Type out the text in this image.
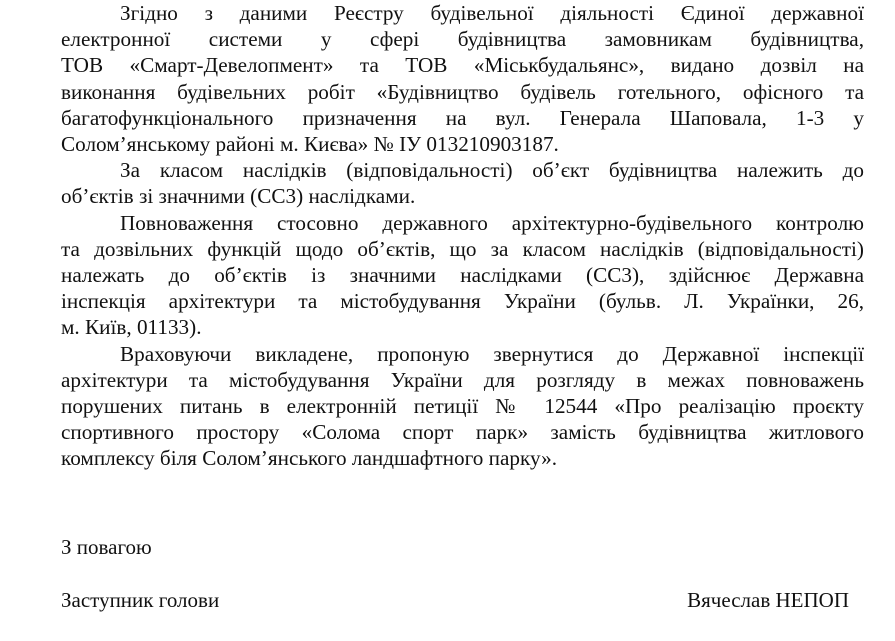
Згідно з даними Реєстру будівельної діяльності Єдиної державної
електронної системи у сфері будівництва замовникам будівництва,
ТОВ «Смарт-Девелопмент» та ТОВ «Міськбудальянс», видано дозвіл на
виконання будівельних робіт «Будівництво будівель готельного, офісного та
багатофункціонального призначення на вул. Генерала Шаповала, 1-3 у
Солом’янському районі м. Києва» № ІУ 013210903187.
За класом наслідків (відповідальності) об’єкт будівництва належить до
об’єктів зі значними (СС3) наслідками.
Повноваження стосовно державного архітектурно-будівельного контролю
та дозвільних функцій щодо об’єктів, що за класом наслідків (відповідальності)
належать до об’єктів із значними наслідками (СС3), здійснює Державна
інспекція архітектури та містобудування України (бульв. Л. Українки, 26,
м. Київ, 01133).
Враховуючи викладене, пропоную звернутися до Державної інспекції
архітектури та містобудування України для розгляду в межах повноважень
порушених питань в електронній петиції № 12544 «Про реалізацію проєкту
спортивного простору «Солома спорт парк» замість будівництва житлового
комплексу біля Солом’янського ландшафтного парку».

З повагою

Заступник голови	Вячеслав НЕПОП
